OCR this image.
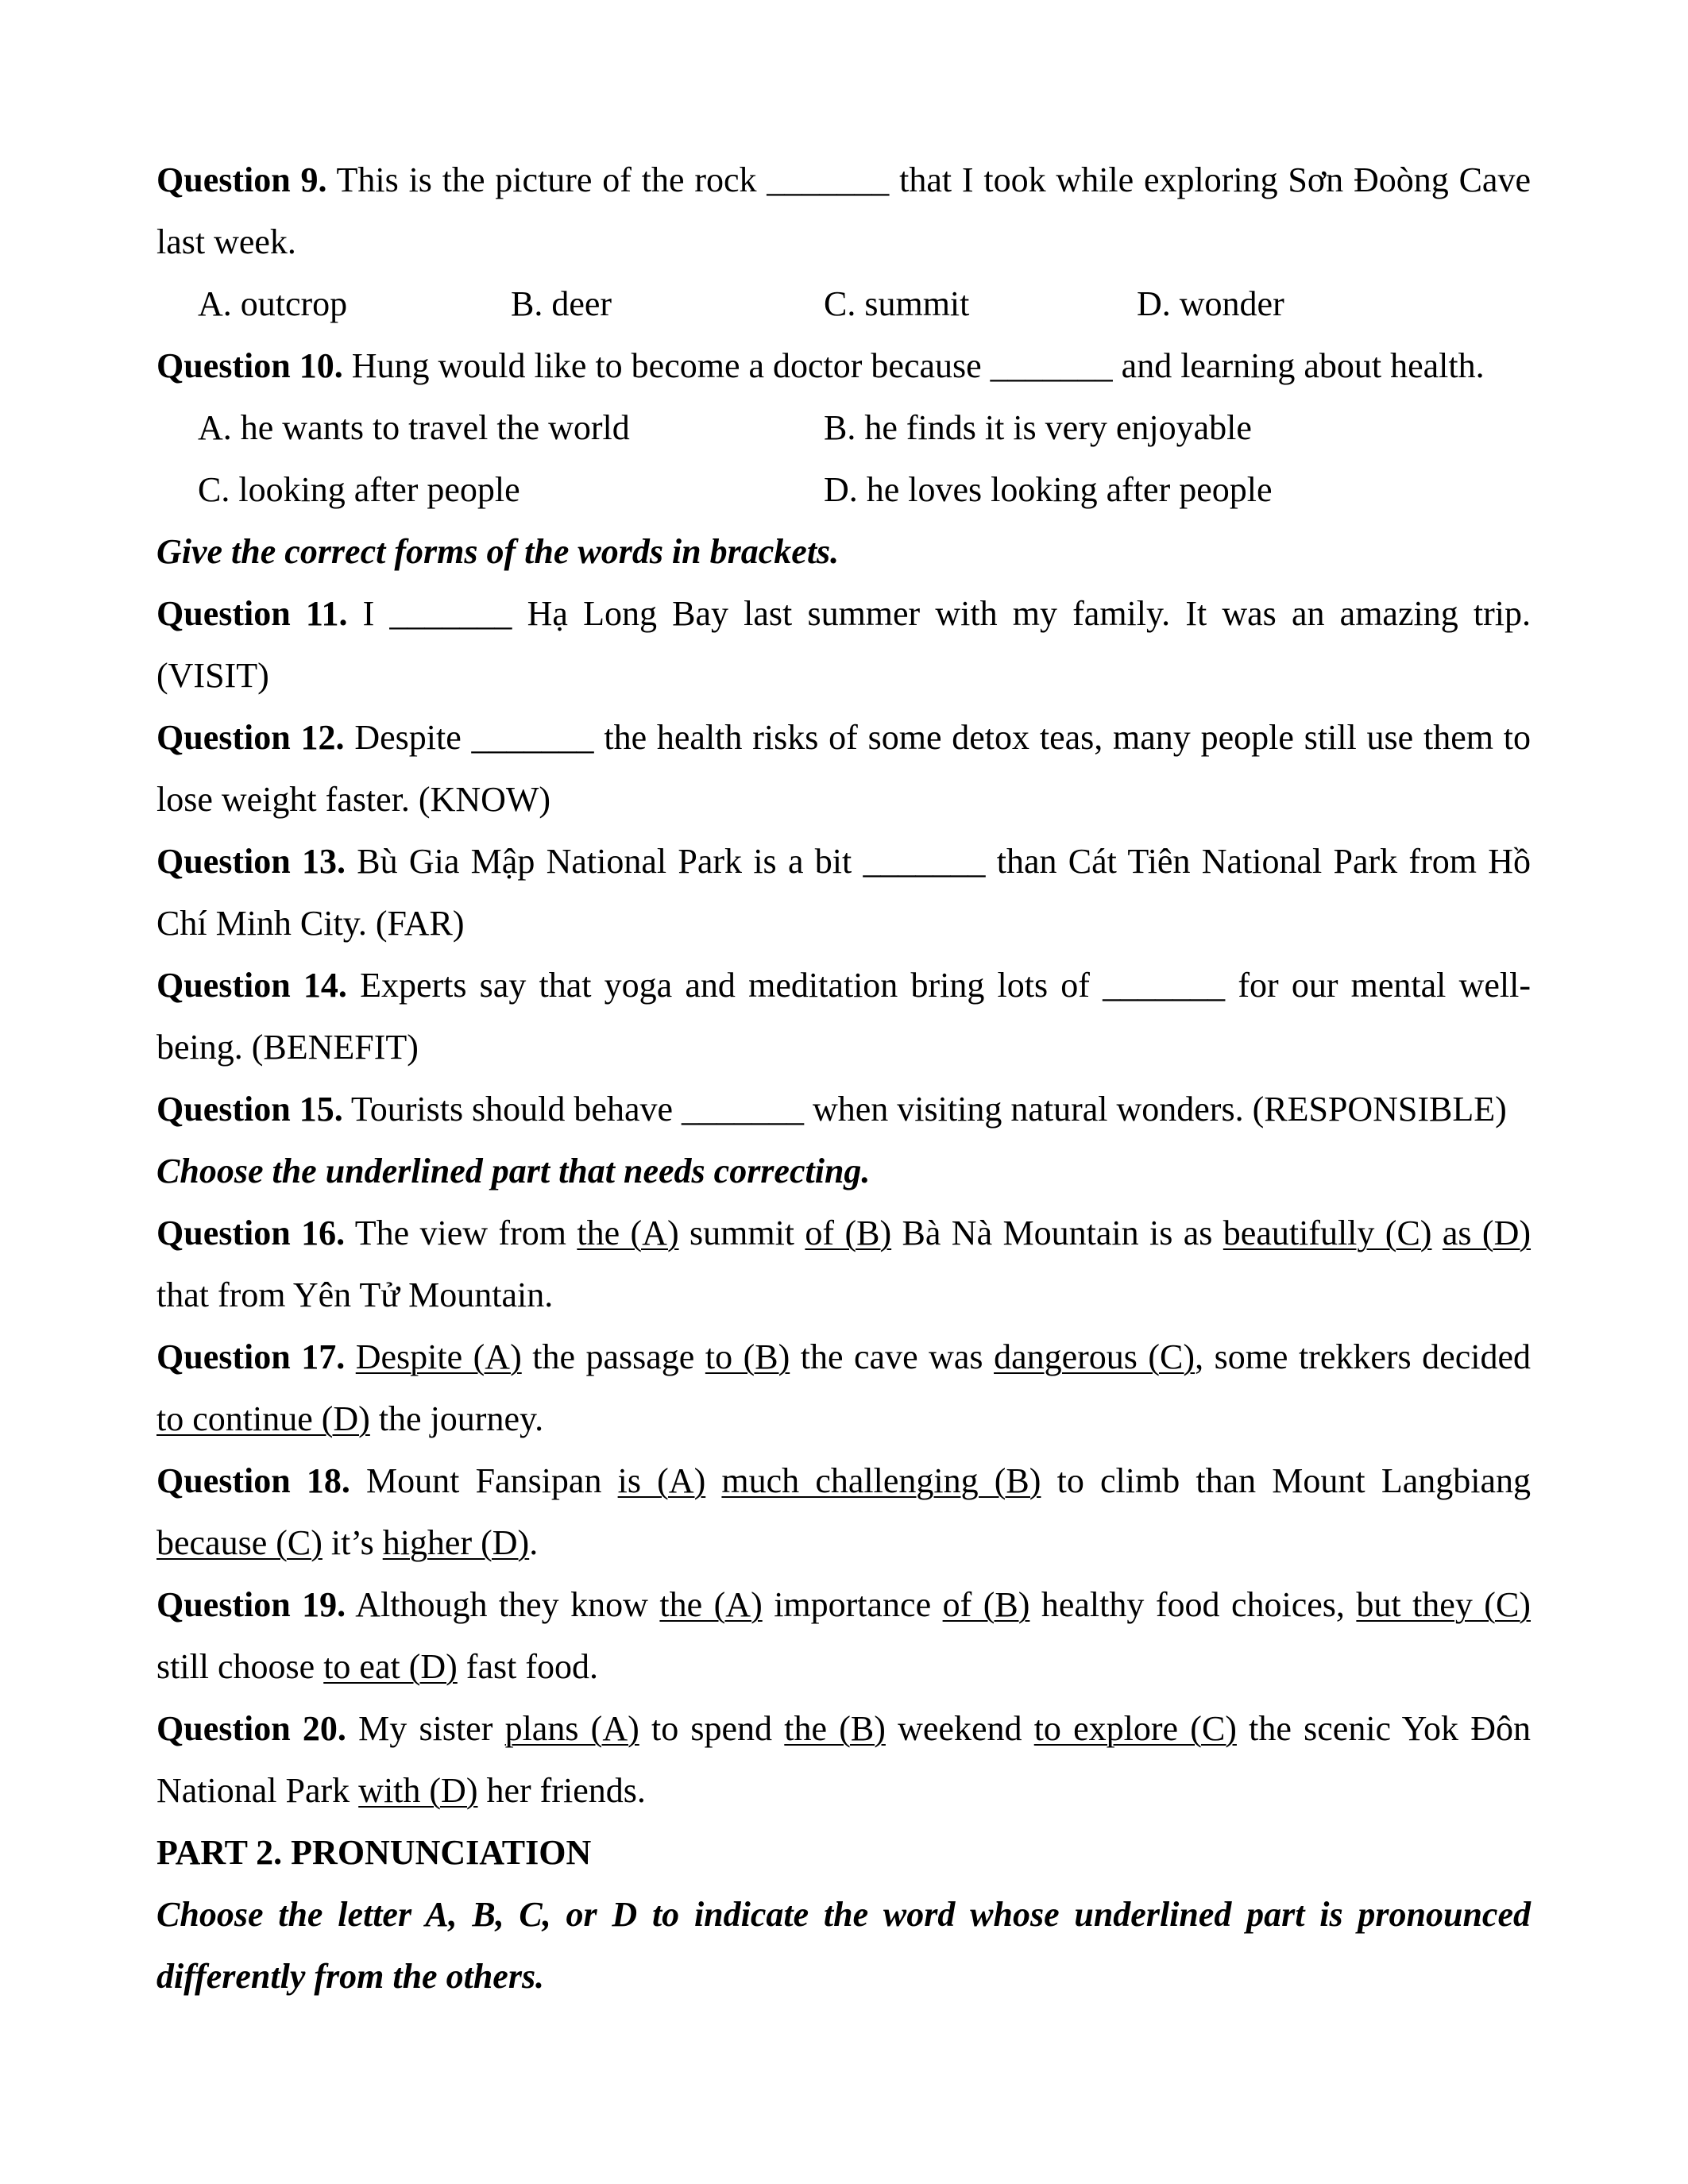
Question 9. This is the picture of the rock _______ that I took while exploring Sơn Đoòng Cave last week.

A. outcrop	B. deer	C. summit	D. wonder

Question 10. Hung would like to become a doctor because _______ and learning about health.

A. he wants to travel the world	B. he finds it is very enjoyable
C. looking after people	D. he loves looking after people

Give the correct forms of the words in brackets.

Question 11. I _______ Hạ Long Bay last summer with my family. It was an amazing trip. (VISIT)

Question 12. Despite _______ the health risks of some detox teas, many people still use them to lose weight faster. (KNOW)

Question 13. Bù Gia Mập National Park is a bit _______ than Cát Tiên National Park from Hồ Chí Minh City. (FAR)

Question 14. Experts say that yoga and meditation bring lots of _______ for our mental well-being. (BENEFIT)

Question 15. Tourists should behave _______ when visiting natural wonders. (RESPONSIBLE)

Choose the underlined part that needs correcting.

Question 16. The view from the (A) summit of (B) Bà Nà Mountain is as beautifully (C) as (D) that from Yên Tử Mountain.

Question 17. Despite (A) the passage to (B) the cave was dangerous (C), some trekkers decided to continue (D) the journey.

Question 18. Mount Fansipan is (A) much challenging (B) to climb than Mount Langbiang because (C) it’s higher (D).

Question 19. Although they know the (A) importance of (B) healthy food choices, but they (C) still choose to eat (D) fast food.

Question 20. My sister plans (A) to spend the (B) weekend to explore (C) the scenic Yok Đôn National Park with (D) her friends.

PART 2. PRONUNCIATION

Choose the letter A, B, C, or D to indicate the word whose underlined part is pronounced differently from the others.
